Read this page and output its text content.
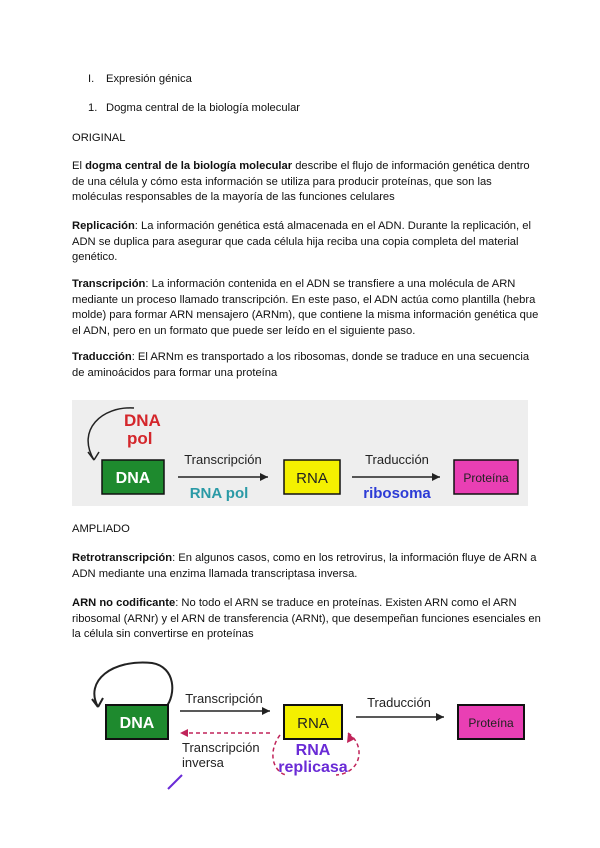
I. Expresión génica
1. Dogma central de la biología molecular
ORIGINAL
El dogma central de la biología molecular describe el flujo de información genética dentro de una célula y cómo esta información se utiliza para producir proteínas, que son las moléculas responsables de la mayoría de las funciones celulares
Replicación: La información genética está almacenada en el ADN. Durante la replicación, el ADN se duplica para asegurar que cada célula hija reciba una copia completa del material genético.
Transcripción: La información contenida en el ADN se transfiere a una molécula de ARN mediante un proceso llamado transcripción. En este paso, el ADN actúa como plantilla (hebra molde) para formar ARN mensajero (ARNm), que contiene la misma información genética que el ADN, pero en un formato que puede ser leído en el siguiente paso.
Traducción: El ARNm es transportado a los ribosomas, donde se traduce en una secuencia de aminoácidos para formar una proteína
DNA
pol
DNA
Transcripción
RNA pol
RNA
Traducción
ribosoma
Proteína
AMPLIADO
Retrotranscripción: En algunos casos, como en los retrovirus, la información fluye de ARN a ADN mediante una enzima llamada transcriptasa inversa.
ARN no codificante: No todo el ARN se traduce en proteínas. Existen ARN como el ARN ribosomal (ARNr) y el ARN de transferencia (ARNt), que desempeñan funciones esenciales en la célula sin convertirse en proteínas
DNA
Transcripción
Transcripción
inversa
RNA
RNA
replicasa
Traducción
Proteína
